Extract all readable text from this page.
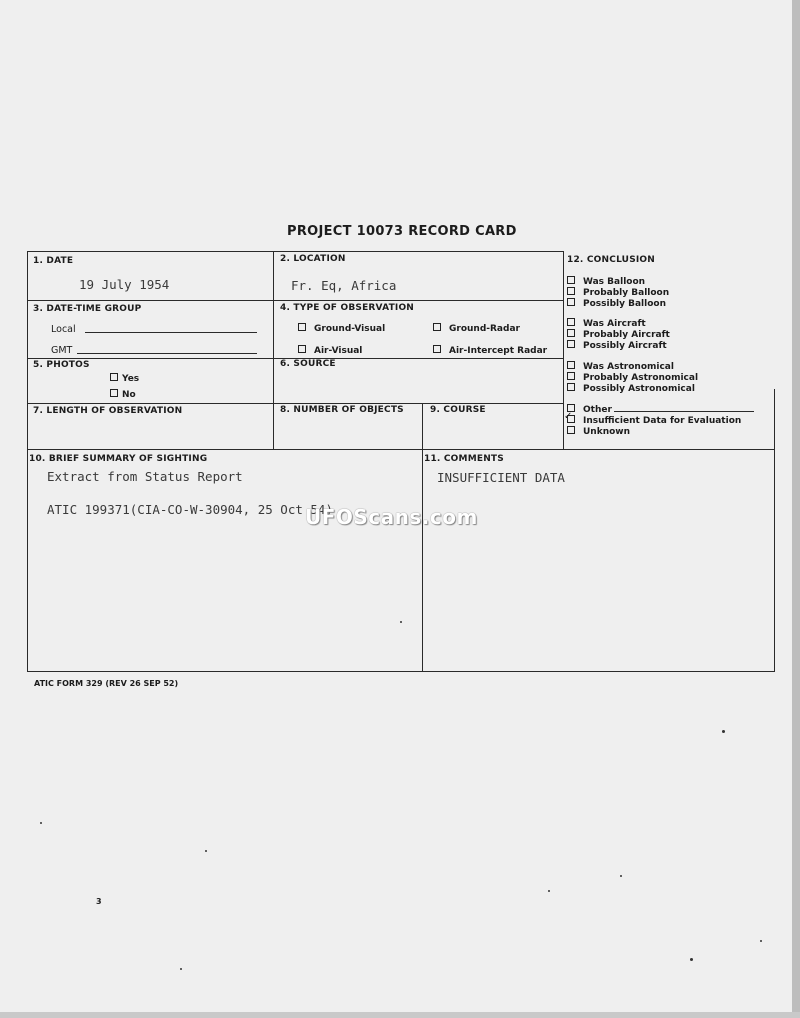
PROJECT 10073 RECORD CARD
1. DATE
19 July 1954
2. LOCATION
Fr. Eq, Africa
3. DATE-TIME GROUP
Local
GMT
4. TYPE OF OBSERVATION
Ground-Visual	Ground-Radar
Air-Visual	Air-Intercept Radar
5. PHOTOS
Yes
No
6. SOURCE
7. LENGTH OF OBSERVATION	8. NUMBER OF OBJECTS	9. COURSE
10. BRIEF SUMMARY OF SIGHTING
Extract from Status Report
ATIC 199371(CIA-CO-W-30904, 25 Oct 54)
11. COMMENTS
INSUFFICIENT DATA
12. CONCLUSION
Was Balloon
Probably Balloon
Possibly Balloon
Was Aircraft
Probably Aircraft
Possibly Aircraft
Was Astronomical
Probably Astronomical
Possibly Astronomical
Other
✓ Insufficient Data for Evaluation
Unknown
UFOScans.com
ATIC FORM 329 (REV 26 SEP 52)
3
